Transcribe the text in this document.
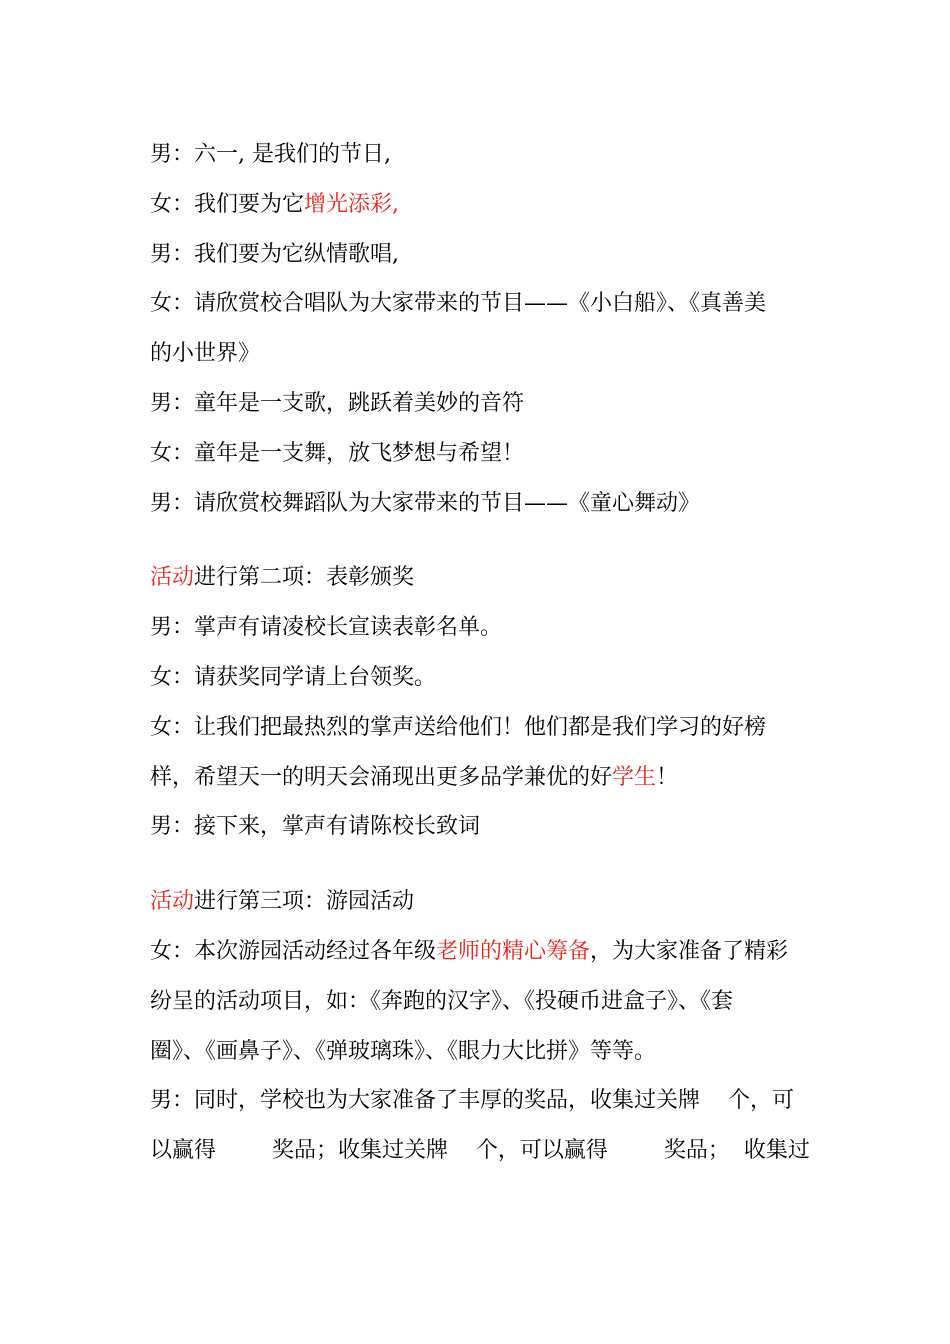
男：六一, 是我们的节日,

女：我们要为它增光添彩,

男：我们要为它纵情歌唱,

女：请欣赏校合唱队为大家带来的节目——《小白船》、《真善美

的小世界》

男：童年是一支歌，跳跃着美妙的音符

女：童年是一支舞，放飞梦想与希望！

男：请欣赏校舞蹈队为大家带来的节目——《童心舞动》

活动进行第二项：表彰颁奖

男：掌声有请凌校长宣读表彰名单。

女：请获奖同学请上台领奖。

女：让我们把最热烈的掌声送给他们！他们都是我们学习的好榜

样，希望天一的明天会涌现出更多品学兼优的好学生！

男：接下来，掌声有请陈校长致词

活动进行第三项：游园活动

女：本次游园活动经过各年级老师的精心筹备，为大家准备了精彩

纷呈的活动项目，如：《奔跑的汉字》、《投硬币进盒子》、《套

圈》、《画鼻子》、《弹玻璃珠》、《眼力大比拼》等等。

男：同时，学校也为大家准备了丰厚的奖品，收集过关牌    个，可

以赢得        奖品；收集过关牌    个，可以赢得        奖品；  收集过
